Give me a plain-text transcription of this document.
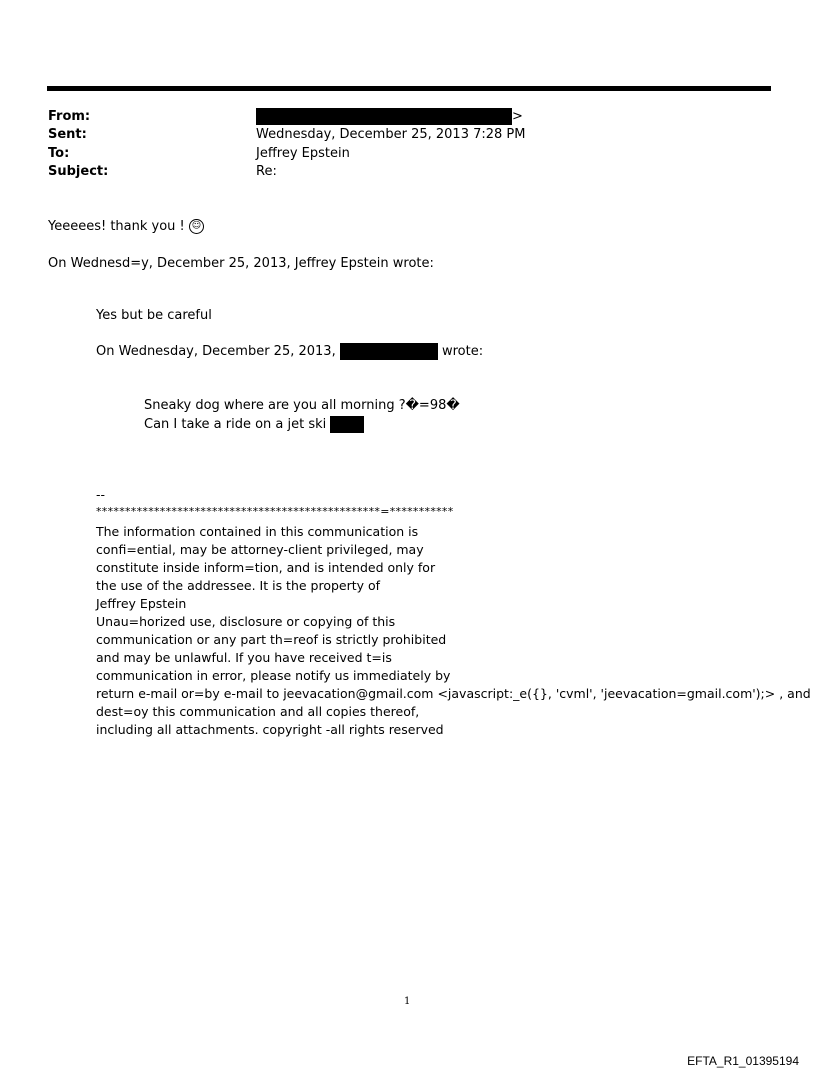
From:	>
Sent:	Wednesday, December 25, 2013 7:28 PM
To:	Jeffrey Epstein
Subject:	Re:
Yeeeees! thank you ! ☺
On Wednesd=y, December 25, 2013, Jeffrey Epstein wrote:
Yes but be careful
On Wednesday, December 25, 2013,	wrote:
Sneaky dog where are you all morning ?�=98�
Can I take a ride on a jet ski
--
*************************************************=***********
The information contained in this communication is
confi=ential, may be attorney-client privileged, may
constitute inside inform=tion, and is intended only for
the use of the addressee. It is the property of
Jeffrey Epstein
Unau=horized use, disclosure or copying of this
communication or any part th=reof is strictly prohibited
and may be unlawful. If you have received t=is
communication in error, please notify us immediately by
return e-mail or=by e-mail to jeevacation@gmail.com <javascript:_e({}, 'cvml', 'jeevacation=gmail.com');> , and
dest=oy this communication and all copies thereof,
including all attachments. copyright -all rights reserved
1
EFTA_R1_01395194
